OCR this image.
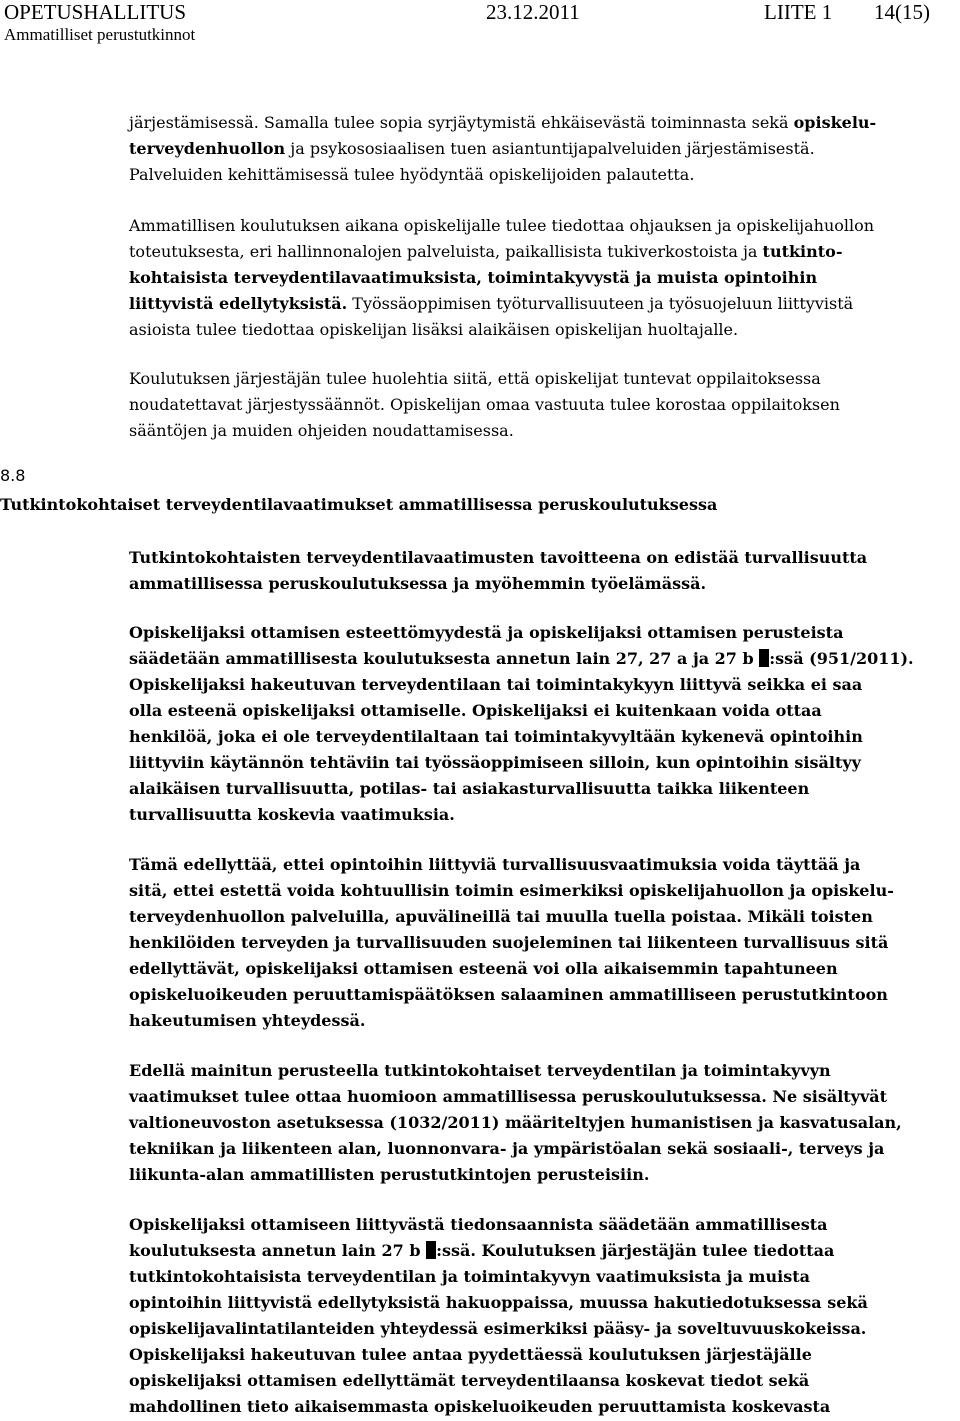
OPETUSHALLITUS	23.12.2011	LIITE 1 14(15)
Ammatilliset perustutkinnot
järjestämisessä. Samalla tulee sopia syrjäytymistä ehkäisevästä toiminnasta sekä opiskelu-
terveydenhuollon ja psykososiaalisen tuen asiantuntijapalveluiden järjestämisestä.
Palveluiden kehittämisessä tulee hyödyntää opiskelijoiden palautetta.
Ammatillisen koulutuksen aikana opiskelijalle tulee tiedottaa ohjauksen ja opiskelijahuollon
toteutuksesta, eri hallinnonalojen palveluista, paikallisista tukiverkostoista ja tutkinto-
kohtaisista terveydentilavaatimuksista, toimintakyvystä ja muista opintoihin
liittyvistä edellytyksistä. Työssäoppimisen työturvallisuuteen ja työsuojeluun liittyvistä
asioista tulee tiedottaa opiskelijan lisäksi alaikäisen opiskelijan huoltajalle.
Koulutuksen järjestäjän tulee huolehtia siitä, että opiskelijat tuntevat oppilaitoksessa
noudatettavat järjestyssäännöt. Opiskelijan omaa vastuuta tulee korostaa oppilaitoksen
sääntöjen ja muiden ohjeiden noudattamisessa.
8.8
Tutkintokohtaiset terveydentilavaatimukset ammatillisessa peruskoulutuksessa
Tutkintokohtaisten terveydentilavaatimusten tavoitteena on edistää turvallisuutta
ammatillisessa peruskoulutuksessa ja myöhemmin työelämässä.
Opiskelijaksi ottamisen esteettömyydestä ja opiskelijaksi ottamisen perusteista
säädetään ammatillisesta koulutuksesta annetun lain 27, 27 a ja 27 b :ssä (951/2011).
Opiskelijaksi hakeutuvan terveydentilaan tai toimintakykyyn liittyvä seikka ei saa
olla esteenä opiskelijaksi ottamiselle. Opiskelijaksi ei kuitenkaan voida ottaa
henkilöä, joka ei ole terveydentilaltaan tai toimintakyvyltään kykenevä opintoihin
liittyviin käytännön tehtäviin tai työssäoppimiseen silloin, kun opintoihin sisältyy
alaikäisen turvallisuutta, potilas- tai asiakasturvallisuutta taikka liikenteen
turvallisuutta koskevia vaatimuksia.
Tämä edellyttää, ettei opintoihin liittyviä turvallisuusvaatimuksia voida täyttää ja
sitä, ettei estettä voida kohtuullisin toimin esimerkiksi opiskelijahuollon ja opiskelu-
terveydenhuollon palveluilla, apuvälineillä tai muulla tuella poistaa. Mikäli toisten
henkilöiden terveyden ja turvallisuuden suojeleminen tai liikenteen turvallisuus sitä
edellyttävät, opiskelijaksi ottamisen esteenä voi olla aikaisemmin tapahtuneen
opiskeluoikeuden peruuttamispäätöksen salaaminen ammatilliseen perustutkintoon
hakeutumisen yhteydessä.
Edellä mainitun perusteella tutkintokohtaiset terveydentilan ja toimintakyvyn
vaatimukset tulee ottaa huomioon ammatillisessa peruskoulutuksessa. Ne sisältyvät
valtioneuvoston asetuksessa (1032/2011) määriteltyjen humanistisen ja kasvatusalan,
tekniikan ja liikenteen alan, luonnonvara- ja ympäristöalan sekä sosiaali-, terveys ja
liikunta-alan ammatillisten perustutkintojen perusteisiin.
Opiskelijaksi ottamiseen liittyvästä tiedonsaannista säädetään ammatillisesta
koulutuksesta annetun lain 27 b :ssä. Koulutuksen järjestäjän tulee tiedottaa
tutkintokohtaisista terveydentilan ja toimintakyvyn vaatimuksista ja muista
opintoihin liittyvistä edellytyksistä hakuoppaissa, muussa hakutiedotuksessa sekä
opiskelijavalintatilanteiden yhteydessä esimerkiksi pääsy- ja soveltuvuuskokeissa.
Opiskelijaksi hakeutuvan tulee antaa pyydettäessä koulutuksen järjestäjälle
opiskelijaksi ottamisen edellyttämät terveydentilaansa koskevat tiedot sekä
mahdollinen tieto aikaisemmasta opiskeluoikeuden peruuttamista koskevasta
